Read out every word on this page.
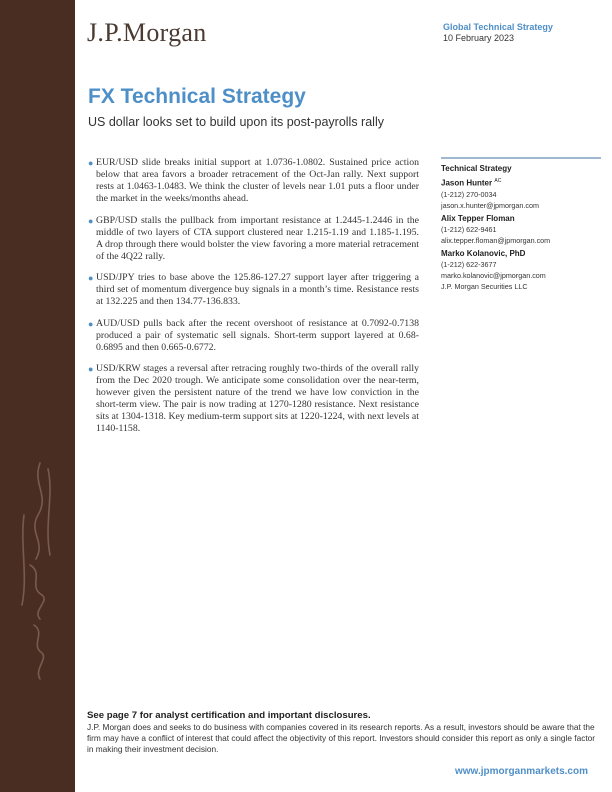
J.P.Morgan	Global Technical Strategy
10 February 2023
FX Technical Strategy
US dollar looks set to build upon its post-payrolls rally
● EUR/USD slide breaks initial support at 1.0736-1.0802. Sustained price action below that area favors a broader retracement of the Oct-Jan rally. Next support rests at 1.0463-1.0483. We think the cluster of levels near 1.01 puts a floor under the market in the weeks/months ahead.
● GBP/USD stalls the pullback from important resistance at 1.2445-1.2446 in the middle of two layers of CTA support clustered near 1.215-1.19 and 1.185-1.195. A drop through there would bolster the view favoring a more material retracement of the 4Q22 rally.
● USD/JPY tries to base above the 125.86-127.27 support layer after triggering a third set of momentum divergence buy signals in a month’s time. Resistance rests at 132.225 and then 134.77-136.833.
● AUD/USD pulls back after the recent overshoot of resistance at 0.7092-0.7138 produced a pair of systematic sell signals. Short-term support layered at 0.68-0.6895 and then 0.665-0.6772.
● USD/KRW stages a reversal after retracing roughly two-thirds of the overall rally from the Dec 2020 trough. We anticipate some consolidation over the near-term, however given the persistent nature of the trend we have low conviction in the short-term view. The pair is now trading at 1270-1280 resistance. Next resistance sits at 1304-1318. Key medium-term support sits at 1220-1224, with next levels at 1140-1158.
Technical Strategy
Jason Hunter $^{AC}$
(1-212) 270-0034
jason.x.hunter@jpmorgan.com
Alix Tepper Floman
(1-212) 622-9461
alix.tepper.floman@jpmorgan.com
Marko Kolanovic, PhD
(1-212) 622-3677
marko.kolanovic@jpmorgan.com
J.P. Morgan Securities LLC
See page 7 for analyst certification and important disclosures.
J.P. Morgan does and seeks to do business with companies covered in its research reports. As a result, investors should be aware that the firm may have a conflict of interest that could affect the objectivity of this report. Investors should consider this report as only a single factor in making their investment decision.
www.jpmorganmarkets.com
